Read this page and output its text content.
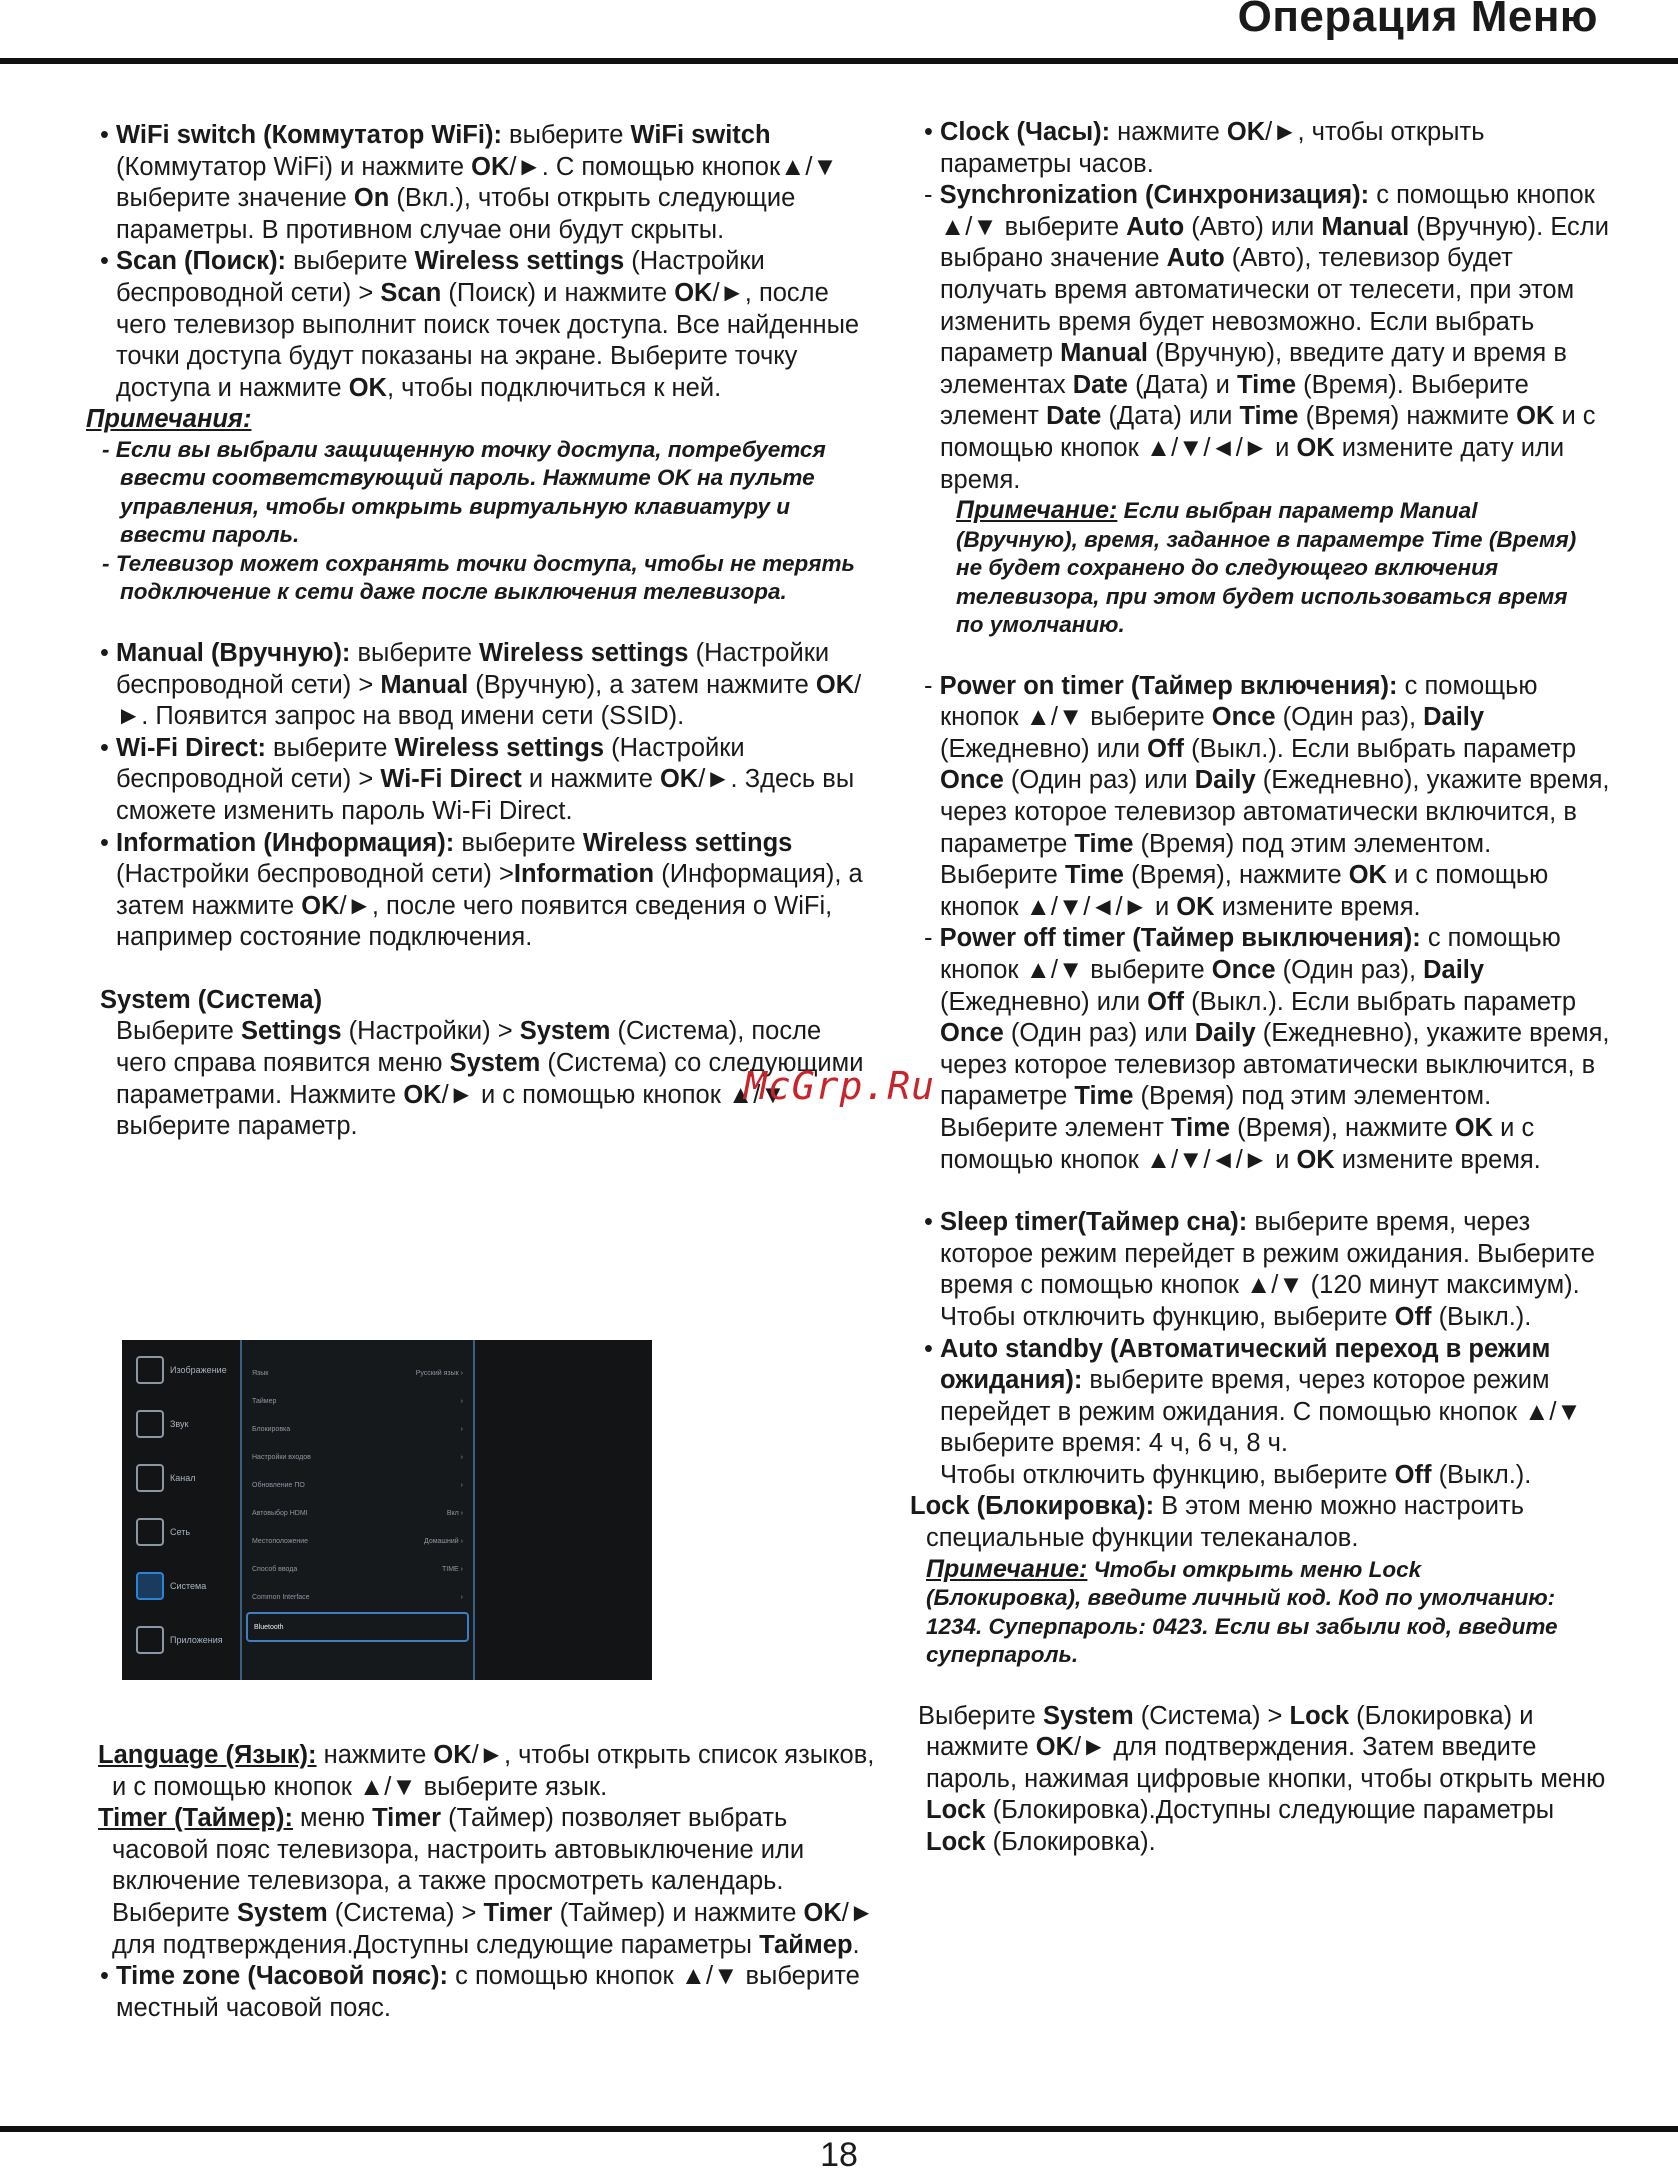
Операция Меню

• WiFi switch (Коммутатор WiFi): выберите WiFi switch (Коммутатор WiFi) и нажмите OK/►. С помощью кнопок▲/▼ выберите значение On (Вкл.), чтобы открыть следующие параметры. В противном случае они будут скрыты.

• Scan (Поиск): выберите Wireless settings (Настройки беспроводной сети) > Scan (Поиск) и нажмите OK/►, после чего телевизор выполнит поиск точек доступа. Все найденные точки доступа будут показаны на экране. Выберите точку доступа и нажмите OK, чтобы подключиться к ней.

Примечания:

- Если вы выбрали защищенную точку доступа, потребуется ввести соответствующий пароль. Нажмите OK на пульте управления, чтобы открыть виртуальную клавиатуру и ввести пароль.

- Телевизор может сохранять точки доступа, чтобы не терять подключение к сети даже после выключения телевизора.

• Manual (Вручную): выберите Wireless settings (Настройки беспроводной сети) > Manual (Вручную), а затем нажмите OK/►. Появится запрос на ввод имени сети (SSID).

• Wi-Fi Direct: выберите Wireless settings (Настройки беспроводной сети) > Wi-Fi Direct и нажмите OK/►. Здесь вы сможете изменить пароль Wi-Fi Direct.

• Information (Информация): выберите Wireless settings (Настройки беспроводной сети) >Information (Информация), а затем нажмите OK/►, после чего появится сведения о WiFi, например состояние подключения.

System (Система)

Выберите Settings (Настройки) > System (Система), после чего справа появится меню System (Система) со следующими параметрами. Нажмите OK/► и с помощью кнопок ▲/▼ выберите параметр.

Изображение
Звук
Канал
Сеть
Система
Приложения
Язык	Русский язык ›
Таймер	›
Блокировка	›
Настройки входов	›
Обновление ПО	›
Автовыбор HDMI	Вкл ›
Местоположение	Домашний ›
Способ ввода	TIME ›
Common Interface	›
Bluetooth

Language (Язык): нажмите OK/►, чтобы открыть список языков, и с помощью кнопок ▲/▼ выберите язык.

Timer (Таймер): меню Timer (Таймер) позволяет выбрать часовой пояс телевизора, настроить автовыключение или включение телевизора, а также просмотреть календарь.

Выберите System (Система) > Timer (Таймер) и нажмите OK/► для подтверждения.Доступны следующие параметры Таймер.

• Time zone (Часовой пояс): с помощью кнопок ▲/▼ выберите местный часовой пояс.

• Clock (Часы): нажмите OK/►, чтобы открыть параметры часов.

- Synchronization (Синхронизация): с помощью кнопок ▲/▼ выберите Auto (Авто) или Manual (Вручную). Если выбрано значение Auto (Авто), телевизор будет получать время автоматически от телесети, при этом изменить время будет невозможно. Если выбрать параметр Manual (Вручную), введите дату и время в элементах Date (Дата) и Time (Время). Выберите элемент Date (Дата) или Time (Время) нажмите OK и с помощью кнопок ▲/▼/◄/► и OK измените дату или время.

Примечание: Если выбран параметр Manual (Вручную), время, заданное в параметре Time (Время) не будет сохранено до следующего включения телевизора, при этом будет использоваться время по умолчанию.

- Power on timer (Таймер включения): с помощью кнопок ▲/▼ выберите Once (Один раз), Daily (Ежедневно) или Off (Выкл.). Если выбрать параметр Once (Один раз) или Daily (Ежедневно), укажите время, через которое телевизор автоматически включится, в параметре Time (Время) под этим элементом. Выберите Time (Время), нажмите OK и с помощью кнопок ▲/▼/◄/► и OK измените время.

- Power off timer (Таймер выключения): с помощью кнопок ▲/▼ выберите Once (Один раз), Daily (Ежедневно) или Off (Выкл.). Если выбрать параметр Once (Один раз) или Daily (Ежедневно), укажите время, через которое телевизор автоматически выключится, в параметре Time (Время) под этим элементом. Выберите элемент Time (Время), нажмите OK и с помощью кнопок ▲/▼/◄/► и OK измените время.

• Sleep timer(Таймер сна): выберите время, через которое режим перейдет в режим ожидания. Выберите время с помощью кнопок ▲/▼ (120 минут максимум). Чтобы отключить функцию, выберите Off (Выкл.).

• Auto standby (Автоматический переход в режим ожидания): выберите время, через которое режим перейдет в режим ожидания. С помощью кнопок ▲/▼ выберите время: 4 ч, 6 ч, 8 ч.

Чтобы отключить функцию, выберите Off (Выкл.).

Lock (Блокировка): В этом меню можно настроить специальные функции телеканалов.

Примечание: Чтобы открыть меню Lock (Блокировка), введите личный код. Код по умолчанию: 1234. Суперпароль: 0423. Если вы забыли код, введите суперпароль.

Выберите System (Система) > Lock (Блокировка) и нажмите OK/► для подтверждения. Затем введите пароль, нажимая цифровые кнопки, чтобы открыть меню Lock (Блокировка).Доступны следующие параметры Lock (Блокировка).

McGrp.Ru
18
